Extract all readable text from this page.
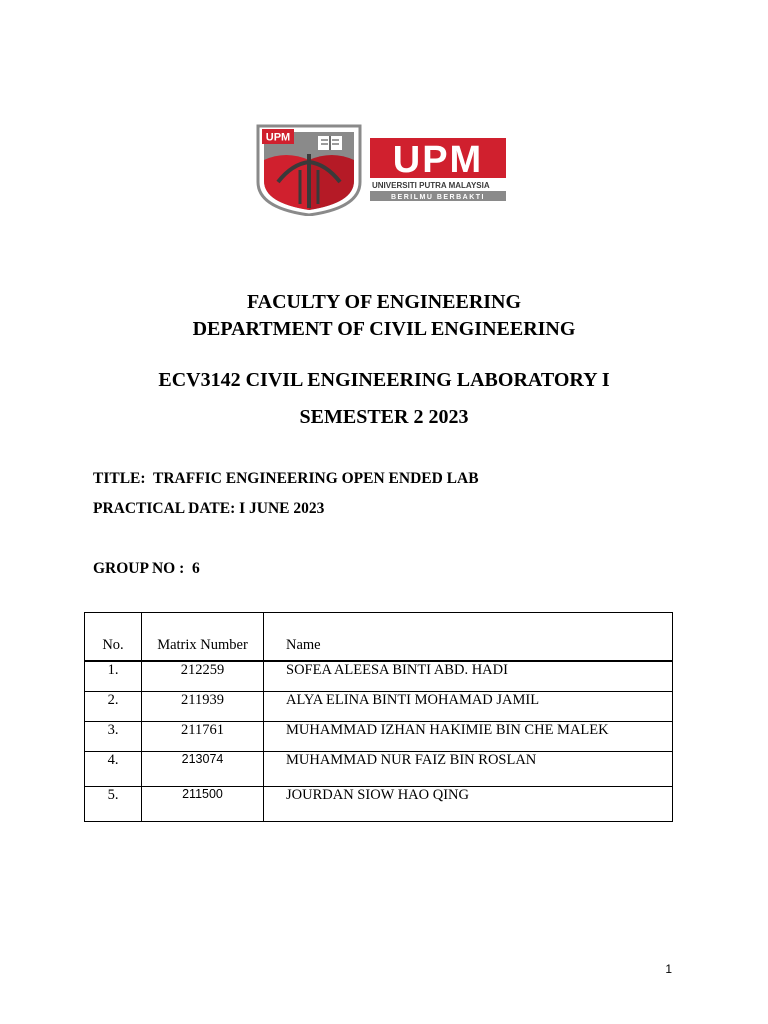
UPM
UPM
UNIVERSITI PUTRA MALAYSIA
BERILMU BERBAKTI
FACULTY OF ENGINEERING
DEPARTMENT OF CIVIL ENGINEERING
ECV3142 CIVIL ENGINEERING LABORATORY I
SEMESTER 2 2023
TITLE:  TRAFFIC ENGINEERING OPEN ENDED LAB
PRACTICAL DATE: I JUNE 2023
GROUP NO :  6
No.	Matrix Number	Name
1.	212259	SOFEA ALEESA BINTI ABD. HADI
2.	211939	ALYA ELINA BINTI MOHAMAD JAMIL
3.	211761	MUHAMMAD IZHAN HAKIMIE BIN CHE MALEK
4.	213074	MUHAMMAD NUR FAIZ BIN ROSLAN
5.	211500	JOURDAN SIOW HAO QING
1
